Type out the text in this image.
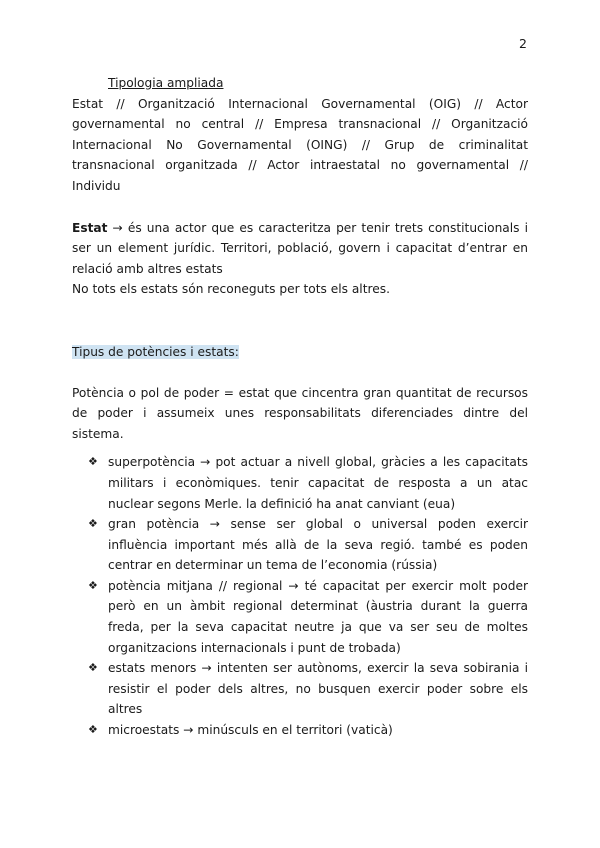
2
Tipologia ampliada
Estat // Organització Internacional Governamental (OIG) // Actor governamental no central // Empresa transnacional // Organització Internacional No Governamental (OING) // Grup de criminalitat transnacional organitzada // Actor intraestatal no governamental // Individu
Estat → és una actor que es caracteritza per tenir trets constitucionals i ser un element jurídic. Territori, població, govern i capacitat d’entrar en relació amb altres estats
No tots els estats són reconeguts per tots els altres.
Tipus de potències i estats:
Potència o pol de poder = estat que cincentra gran quantitat de recursos de poder i assumeix unes responsabilitats diferenciades dintre del sistema.
❖ superpotència → pot actuar a nivell global, gràcies a les capacitats militars i econòmiques. tenir capacitat de resposta a un atac nuclear segons Merle. la definició ha anat canviant (eua)
❖ gran potència → sense ser global o universal poden exercir influència important més allà de la seva regió. també es poden centrar en determinar un tema de l’economia (rússia)
❖ potència mitjana // regional → té capacitat per exercir molt poder però en un àmbit regional determinat (àustria durant la guerra freda, per la seva capacitat neutre ja que va ser seu de moltes organitzacions internacionals i punt de trobada)
❖ estats menors → intenten ser autònoms, exercir la seva sobirania i resistir el poder dels altres, no busquen exercir poder sobre els altres
❖ microestats → minúsculs en el territori (vaticà)
